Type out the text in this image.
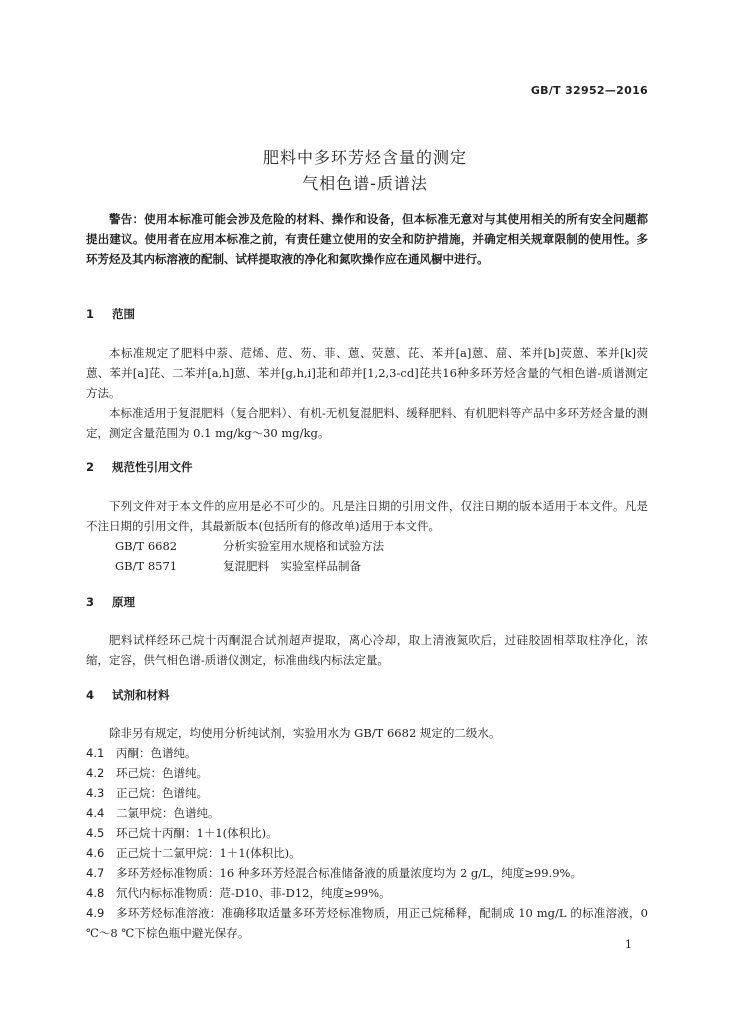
GB/T 32952—2016
肥料中多环芳烃含量的测定
气相色谱-质谱法
警告：使用本标准可能会涉及危险的材料、操作和设备，但本标准无意对与其使用相关的所有安全问题都提出建议。使用者在应用本标准之前，有责任建立使用的安全和防护措施，并确定相关规章限制的使用性。多环芳烃及其内标溶液的配制、试样提取液的净化和氮吹操作应在通风橱中进行。
1 范围
本标准规定了肥料中萘、苊烯、苊、芴、菲、蒽、荧蒽、芘、苯并[a]蒽、䓛、苯并[b]荧蒽、苯并[k]荧蒽、苯并[a]芘、二苯并[a,h]蒽、苯并[g,h,i]苝和茚并[1,2,3-cd]芘共16种多环芳烃含量的气相色谱-质谱测定方法。
本标准适用于复混肥料（复合肥料）、有机-无机复混肥料、缓释肥料、有机肥料等产品中多环芳烃含量的测定，测定含量范围为 0.1 mg/kg～30 mg/kg。
2 规范性引用文件
下列文件对于本文件的应用是必不可少的。凡是注日期的引用文件，仅注日期的版本适用于本文件。凡是不注日期的引用文件，其最新版本(包括所有的修改单)适用于本文件。
GB/T 6682	分析实验室用水规格和试验方法
GB/T 8571	复混肥料　实验室样品制备
3 原理
肥料试样经环己烷十丙酮混合试剂超声提取，离心冷却，取上清液氮吹后，过硅胶固相萃取柱净化，浓缩，定容，供气相色谱-质谱仪测定，标准曲线内标法定量。
4 试剂和材料
除非另有规定，均使用分析纯试剂，实验用水为 GB/T 6682 规定的二级水。
4.1	丙酮：色谱纯。
4.2	环己烷：色谱纯。
4.3	正己烷：色谱纯。
4.4	二氯甲烷：色谱纯。
4.5	环己烷十丙酮：1＋1(体积比)。
4.6	正己烷十二氯甲烷：1＋1(体积比)。
4.7	多环芳烃标准物质：16 种多环芳烃混合标准储备液的质量浓度均为 2 g/L，纯度≥99.9%。
4.8	氘代内标标准物质：苊-D10、菲-D12，纯度≥99%。
4.9	多环芳烃标准溶液：准确移取适量多环芳烃标准物质，用正己烷稀释，配制成 10 mg/L 的标准溶液，0 ℃～8 ℃下棕色瓶中避光保存。
1
